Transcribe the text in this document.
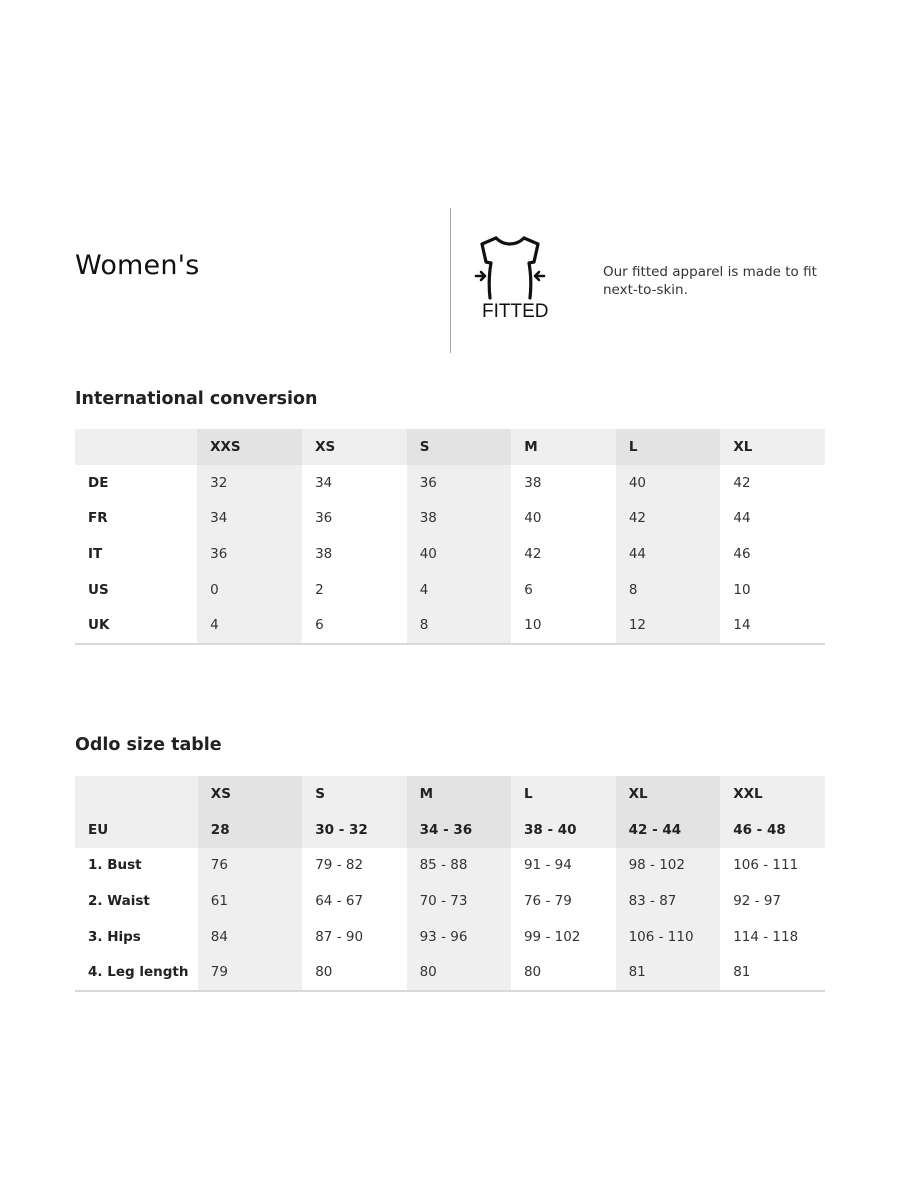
Women's
FITTED

Our fitted apparel is made to fit next-to-skin.

International conversion
	XXS	XS	S	M	L	XL
DE	32	34	36	38	40	42
FR	34	36	38	40	42	44
IT	36	38	40	42	44	46
US	0	2	4	6	8	10
UK	4	6	8	10	12	14
Odlo size table
	XS	S	M	L	XL	XXL
EU	28	30 - 32	34 - 36	38 - 40	42 - 44	46 - 48
1. Bust	76	79 - 82	85 - 88	91 - 94	98 - 102	106 - 111
2. Waist	61	64 - 67	70 - 73	76 - 79	83 - 87	92 - 97
3. Hips	84	87 - 90	93 - 96	99 - 102	106 - 110	114 - 118
4. Leg length	79	80	80	80	81	81
